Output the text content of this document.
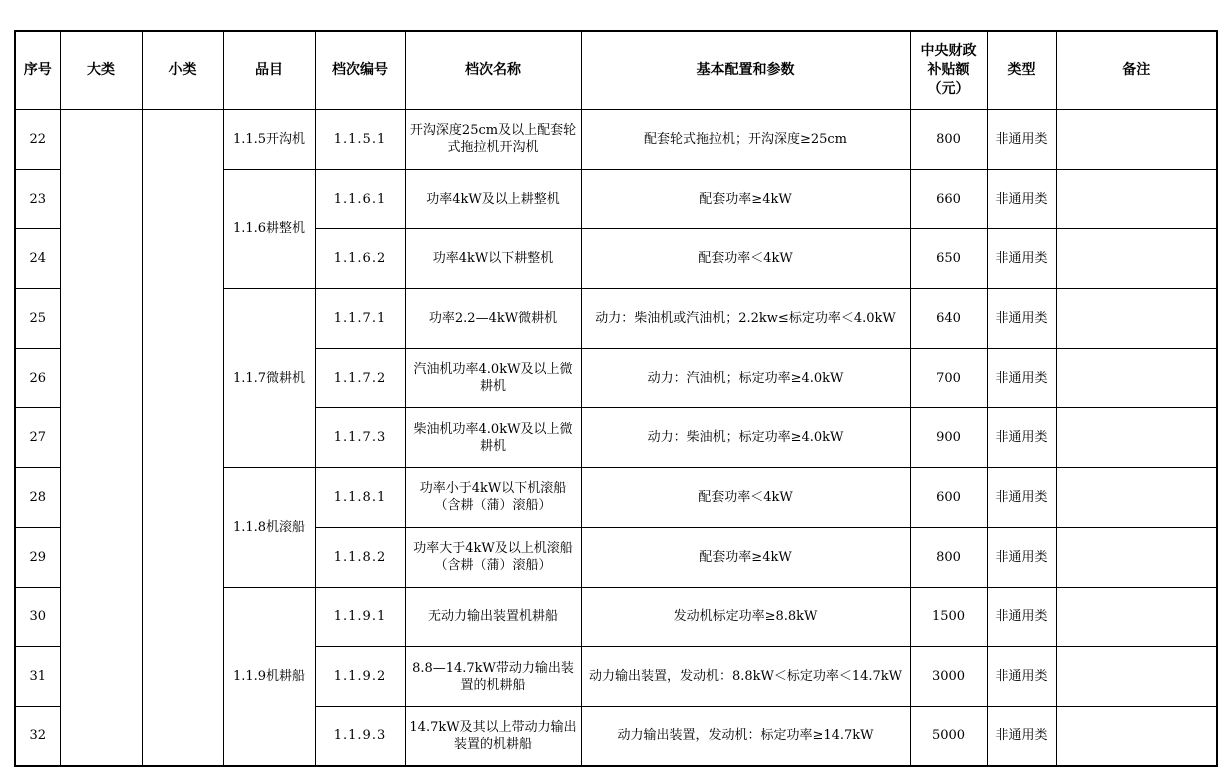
序号	大类	小类	品目	档次编号	档次名称	基本配置和参数	中央财政补贴额（元）	类型	备注
22			1.1.5开沟机	1.1.5.1	开沟深度25cm及以上配套轮式拖拉机开沟机	配套轮式拖拉机；开沟深度≥25cm	800	非通用类	
23			1.1.6耕整机	1.1.6.1	功率4kW及以上耕整机	配套功率≥4kW	660	非通用类	
24				1.1.6.2	功率4kW以下耕整机	配套功率＜4kW	650	非通用类	
25			1.1.7微耕机	1.1.7.1	功率2.2—4kW微耕机	动力：柴油机或汽油机；2.2kw≤标定功率＜4.0kW	640	非通用类	
26				1.1.7.2	汽油机功率4.0kW及以上微耕机	动力：汽油机；标定功率≥4.0kW	700	非通用类	
27				1.1.7.3	柴油机功率4.0kW及以上微耕机	动力：柴油机；标定功率≥4.0kW	900	非通用类	
28			1.1.8机滚船	1.1.8.1	功率小于4kW以下机滚船（含耕（蒲）滚船）	配套功率＜4kW	600	非通用类	
29				1.1.8.2	功率大于4kW及以上机滚船（含耕（蒲）滚船）	配套功率≥4kW	800	非通用类	
30			1.1.9机耕船	1.1.9.1	无动力输出装置机耕船	发动机标定功率≥8.8kW	1500	非通用类	
31				1.1.9.2	8.8—14.7kW带动力输出装置的机耕船	动力输出装置，发动机：8.8kW＜标定功率＜14.7kW	3000	非通用类	
32				1.1.9.3	14.7kW及其以上带动力输出装置的机耕船	动力输出装置，发动机：标定功率≥14.7kW	5000	非通用类	
